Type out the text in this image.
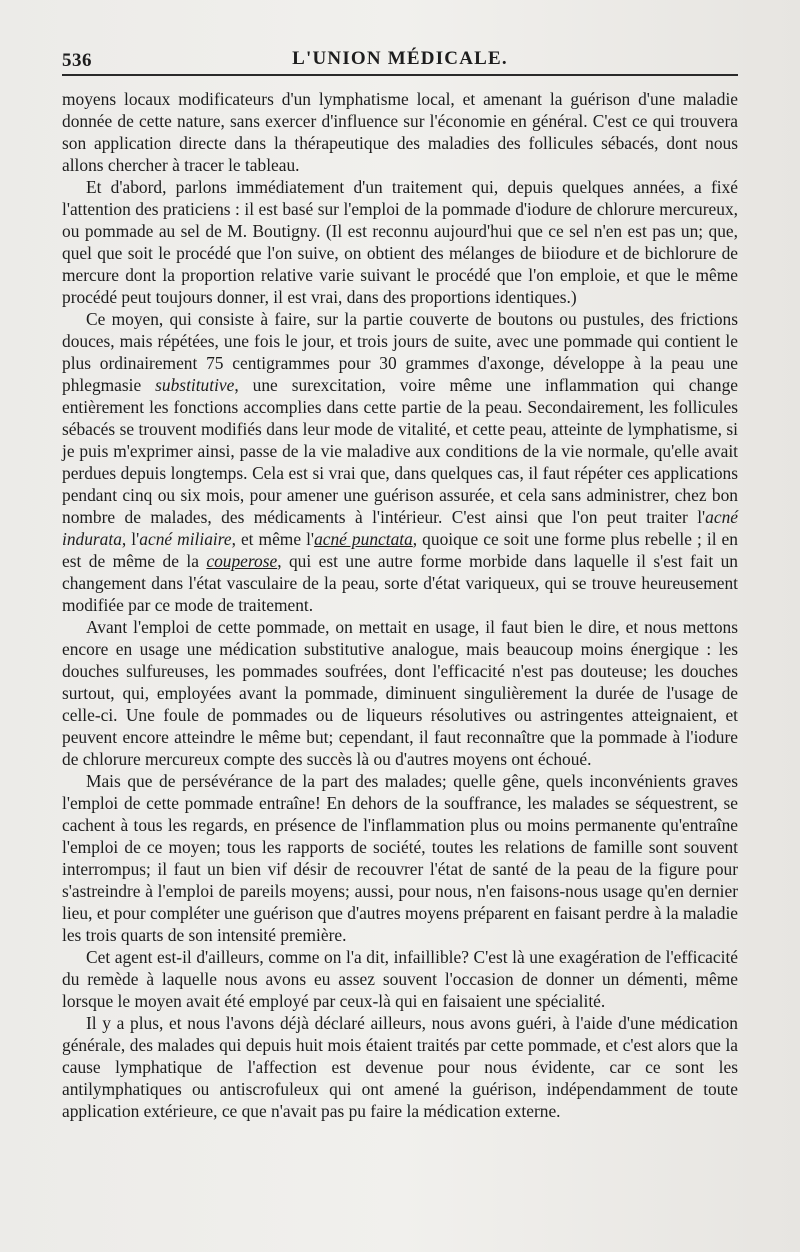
536	L'UNION MÉDICALE.

moyens locaux modificateurs d'un lymphatisme local, et amenant la guérison d'une maladie donnée de cette nature, sans exercer d'influence sur l'économie en général. C'est ce qui trouvera son application directe dans la thérapeutique des maladies des follicules sébacés, dont nous allons chercher à tracer le tableau.

Et d'abord, parlons immédiatement d'un traitement qui, depuis quelques années, a fixé l'attention des praticiens : il est basé sur l'emploi de la pommade d'iodure de chlorure mercureux, ou pommade au sel de M. Boutigny. (Il est reconnu aujourd'hui que ce sel n'en est pas un; que, quel que soit le procédé que l'on suive, on obtient des mélanges de biiodure et de bichlorure de mercure dont la proportion relative varie suivant le procédé que l'on emploie, et que le même procédé peut toujours donner, il est vrai, dans des proportions identiques.)

Ce moyen, qui consiste à faire, sur la partie couverte de boutons ou pustules, des frictions douces, mais répétées, une fois le jour, et trois jours de suite, avec une pommade qui contient le plus ordinairement 75 centigrammes pour 30 grammes d'axonge, développe à la peau une phlegmasie substitutive, une surexcitation, voire même une inflammation qui change entièrement les fonctions accomplies dans cette partie de la peau. Secondairement, les follicules sébacés se trouvent modifiés dans leur mode de vitalité, et cette peau, atteinte de lymphatisme, si je puis m'exprimer ainsi, passe de la vie maladive aux conditions de la vie normale, qu'elle avait perdues depuis longtemps. Cela est si vrai que, dans quelques cas, il faut répéter ces applications pendant cinq ou six mois, pour amener une guérison assurée, et cela sans administrer, chez bon nombre de malades, des médicaments à l'intérieur. C'est ainsi que l'on peut traiter l'acné indurata, l'acné miliaire, et même l'acné punctata, quoique ce soit une forme plus rebelle ; il en est de même de la couperose, qui est une autre forme morbide dans laquelle il s'est fait un changement dans l'état vasculaire de la peau, sorte d'état variqueux, qui se trouve heureusement modifiée par ce mode de traitement.

Avant l'emploi de cette pommade, on mettait en usage, il faut bien le dire, et nous mettons encore en usage une médication substitutive analogue, mais beaucoup moins énergique : les douches sulfureuses, les pommades soufrées, dont l'efficacité n'est pas douteuse; les douches surtout, qui, employées avant la pommade, diminuent singulièrement la durée de l'usage de celle-ci. Une foule de pommades ou de liqueurs résolutives ou astringentes atteignaient, et peuvent encore atteindre le même but; cependant, il faut reconnaître que la pommade à l'iodure de chlorure mercureux compte des succès là ou d'autres moyens ont échoué.

Mais que de persévérance de la part des malades; quelle gêne, quels inconvénients graves l'emploi de cette pommade entraîne! En dehors de la souffrance, les malades se séquestrent, se cachent à tous les regards, en présence de l'inflammation plus ou moins permanente qu'entraîne l'emploi de ce moyen; tous les rapports de société, toutes les relations de famille sont souvent interrompus; il faut un bien vif désir de recouvrer l'état de santé de la peau de la figure pour s'astreindre à l'emploi de pareils moyens; aussi, pour nous, n'en faisons-nous usage qu'en dernier lieu, et pour compléter une guérison que d'autres moyens préparent en faisant perdre à la maladie les trois quarts de son intensité première.

Cet agent est-il d'ailleurs, comme on l'a dit, infaillible? C'est là une exagération de l'efficacité du remède à laquelle nous avons eu assez souvent l'occasion de donner un démenti, même lorsque le moyen avait été employé par ceux-là qui en faisaient une spécialité.

Il y a plus, et nous l'avons déjà déclaré ailleurs, nous avons guéri, à l'aide d'une médication générale, des malades qui depuis huit mois étaient traités par cette pommade, et c'est alors que la cause lymphatique de l'affection est devenue pour nous évidente, car ce sont les antilymphatiques ou antiscrofuleux qui ont amené la guérison, indépendamment de toute application extérieure, ce que n'avait pas pu faire la médication externe.
